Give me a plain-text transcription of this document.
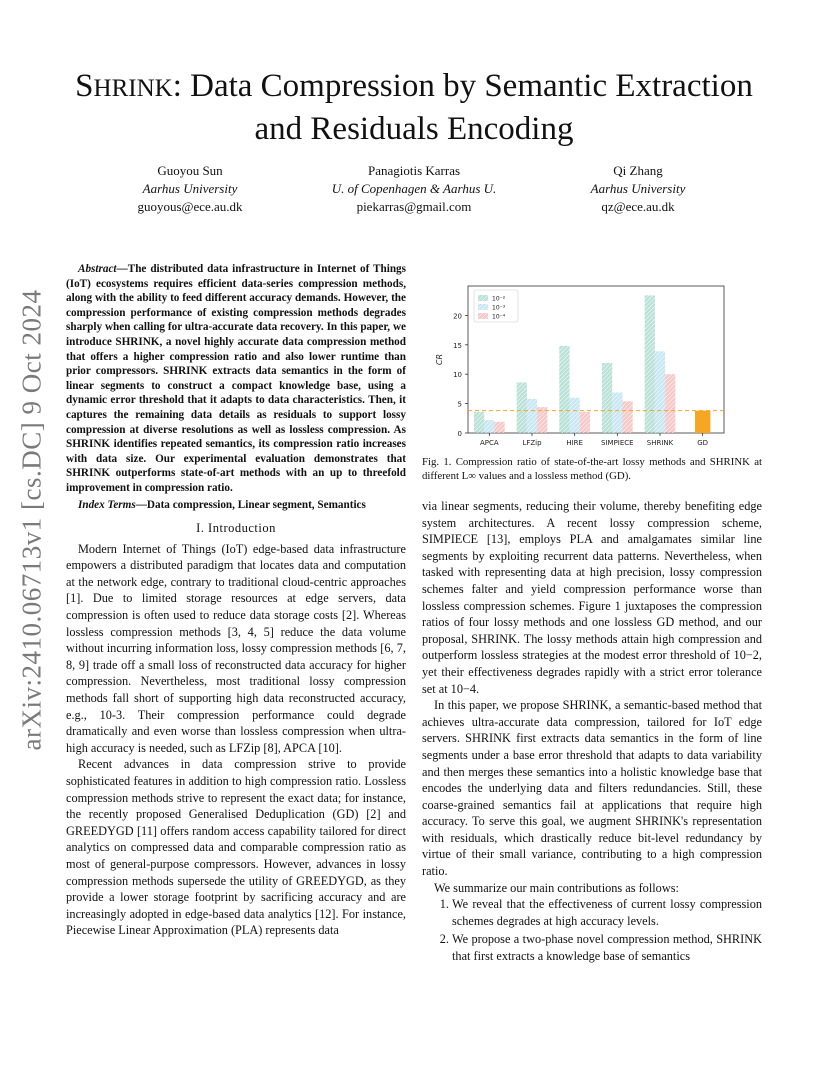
arXiv:2410.06713v1 [cs.DC] 9 Oct 2024
SHRINK: Data Compression by Semantic Extraction
and Residuals Encoding
Guoyou Sun
Aarhus University
guoyous@ece.au.dk
Panagiotis Karras
U. of Copenhagen & Aarhus U.
piekarras@gmail.com
Qi Zhang
Aarhus University
qz@ece.au.dk

Abstract—The distributed data infrastructure in Internet of Things (IoT) ecosystems requires efficient data-series compression methods, along with the ability to feed different accuracy demands. However, the compression performance of existing compression methods degrades sharply when calling for ultra-accurate data recovery. In this paper, we introduce SHRINK, a novel highly accurate data compression method that offers a higher compression ratio and also lower runtime than prior compressors. SHRINK extracts data semantics in the form of linear segments to construct a compact knowledge base, using a dynamic error threshold that it adapts to data characteristics. Then, it captures the remaining data details as residuals to support lossy compression at diverse resolutions as well as lossless compression. As SHRINK identifies repeated semantics, its compression ratio increases with data size. Our experimental evaluation demonstrates that SHRINK outperforms state-of-art methods with an up to threefold improvement in compression ratio.

Index Terms—Data compression, Linear segment, Semantics

I. Introduction

Modern Internet of Things (IoT) edge-based data infrastructure empowers a distributed paradigm that locates data and computation at the network edge, contrary to traditional cloud-centric approaches [1]. Due to limited storage resources at edge servers, data compression is often used to reduce data storage costs [2]. Whereas lossless compression methods [3, 4, 5] reduce the data volume without incurring information loss, lossy compression methods [6, 7, 8, 9] trade off a small loss of reconstructed data accuracy for higher compression. Nevertheless, most traditional lossy compression methods fall short of supporting high data reconstructed accuracy, e.g., 10-3. Their compression performance could degrade dramatically and even worse than lossless compression when ultra-high accuracy is needed, such as LFZip [8], APCA [10].

Recent advances in data compression strive to provide sophisticated features in addition to high compression ratio. Lossless compression methods strive to represent the exact data; for instance, the recently proposed Generalised Deduplication (GD) [2] and GREEDYGD [11] offers random access capability tailored for direct analytics on compressed data and comparable compression ratio as most of general-purpose compressors. However, advances in lossy compression methods supersede the utility of GREEDYGD, as they provide a lower storage footprint by sacrificing accuracy and are increasingly adopted in edge-based data analytics [12]. For instance, Piecewise Linear Approximation (PLA) represents data

0
5
10
15
20
CR
APCA	LFZip	HIRE	SIMPIECE SHRINK	GD
10⁻²
10⁻³
10⁻⁴
Fig. 1. Compression ratio of state-of-the-art lossy methods and SHRINK at different L∞ values and a lossless method (GD).

via linear segments, reducing their volume, thereby benefiting edge system architectures. A recent lossy compression scheme, SIMPIECE [13], employs PLA and amalgamates similar line segments by exploiting recurrent data patterns. Nevertheless, when tasked with representing data at high precision, lossy compression schemes falter and yield compression performance worse than lossless compression schemes. Figure 1 juxtaposes the compression ratios of four lossy methods and one lossless GD method, and our proposal, SHRINK. The lossy methods attain high compression and outperform lossless strategies at the modest error threshold of 10−2, yet their effectiveness degrades rapidly with a strict error tolerance set at 10−4.

In this paper, we propose SHRINK, a semantic-based method that achieves ultra-accurate data compression, tailored for IoT edge servers. SHRINK first extracts data semantics in the form of line segments under a base error threshold that adapts to data variability and then merges these semantics into a holistic knowledge base that encodes the underlying data and filters redundancies. Still, these coarse-grained semantics fail at applications that require high accuracy. To serve this goal, we augment SHRINK's representation with residuals, which drastically reduce bit-level redundancy by virtue of their small variance, contributing to a high compression ratio.

We summarize our main contributions as follows:

1. We reveal that the effectiveness of current lossy compression schemes degrades at high accuracy levels.
2. We propose a two-phase novel compression method, SHRINK that first extracts a knowledge base of semantics
